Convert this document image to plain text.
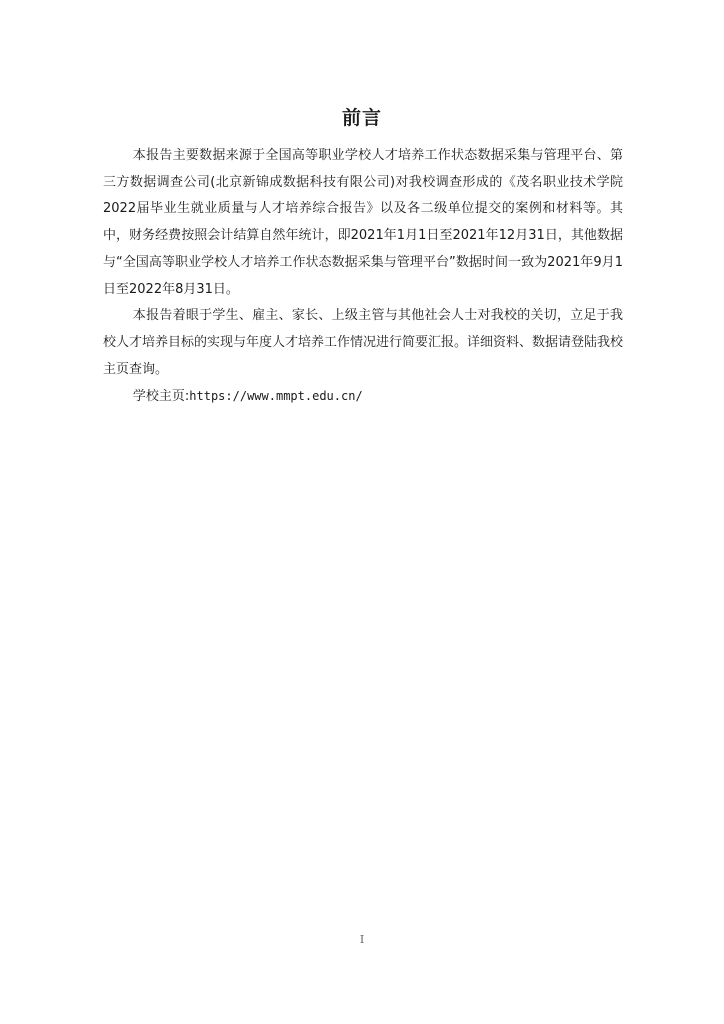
前言

本报告主要数据来源于全国高等职业学校人才培养工作状态数据采集与管理平台、第三方数据调查公司(北京新锦成数据科技有限公司)对我校调查形成的《茂名职业技术学院2022届毕业生就业质量与人才培养综合报告》以及各二级单位提交的案例和材料等。其中，财务经费按照会计结算自然年统计，即2021年1月1日至2021年12月31日，其他数据与“全国高等职业学校人才培养工作状态数据采集与管理平台”数据时间一致为2021年9月1日至2022年8月31日。

本报告着眼于学生、雇主、家长、上级主管与其他社会人士对我校的关切，立足于我校人才培养目标的实现与年度人才培养工作情况进行简要汇报。详细资料、数据请登陆我校主页查询。

学校主页:https://www.mmpt.edu.cn/

I
